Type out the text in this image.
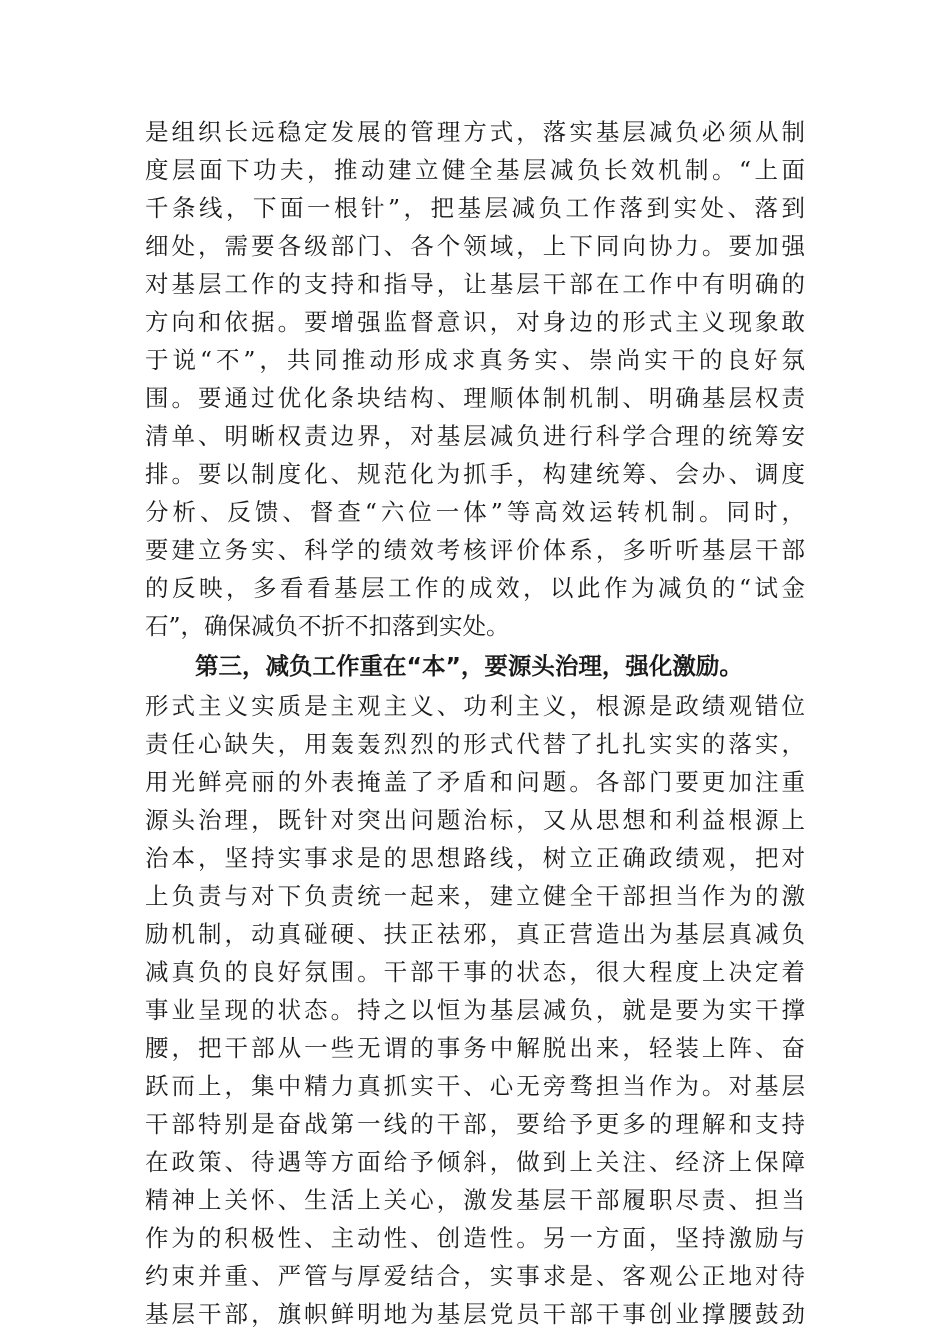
是组织长远稳定发展的管理方式，落实基层减负必须从制
度层面下功夫，推动建立健全基层减负长效机制。“上面
千条线，下面一根针”，把基层减负工作落到实处、落到
细处，需要各级部门、各个领域，上下同向协力。要加强
对基层工作的支持和指导，让基层干部在工作中有明确的
方向和依据。要增强监督意识，对身边的形式主义现象敢
于说“不”，共同推动形成求真务实、崇尚实干的良好氛
围。要通过优化条块结构、理顺体制机制、明确基层权责
清单、明晰权责边界，对基层减负进行科学合理的统筹安
排。要以制度化、规范化为抓手，构建统筹、会办、调度
分析、反馈、督查“六位一体”等高效运转机制。同时，
要建立务实、科学的绩效考核评价体系，多听听基层干部
的反映，多看看基层工作的成效，以此作为减负的“试金
石”，确保减负不折不扣落到实处。
第三，减负工作重在“本”，要源头治理，强化激励。
形式主义实质是主观主义、功利主义，根源是政绩观错位
责任心缺失，用轰轰烈烈的形式代替了扎扎实实的落实，
用光鲜亮丽的外表掩盖了矛盾和问题。各部门要更加注重
源头治理，既针对突出问题治标，又从思想和利益根源上
治本，坚持实事求是的思想路线，树立正确政绩观，把对
上负责与对下负责统一起来，建立健全干部担当作为的激
励机制，动真碰硬、扶正祛邪，真正营造出为基层真减负
减真负的良好氛围。干部干事的状态，很大程度上决定着
事业呈现的状态。持之以恒为基层减负，就是要为实干撑
腰，把干部从一些无谓的事务中解脱出来，轻装上阵、奋
跃而上，集中精力真抓实干、心无旁骛担当作为。对基层
干部特别是奋战第一线的干部，要给予更多的理解和支持
在政策、待遇等方面给予倾斜，做到上关注、经济上保障
精神上关怀、生活上关心，激发基层干部履职尽责、担当
作为的积极性、主动性、创造性。另一方面，坚持激励与
约束并重、严管与厚爱结合，实事求是、客观公正地对待
基层干部，旗帜鲜明地为基层党员干部干事创业撑腰鼓劲
